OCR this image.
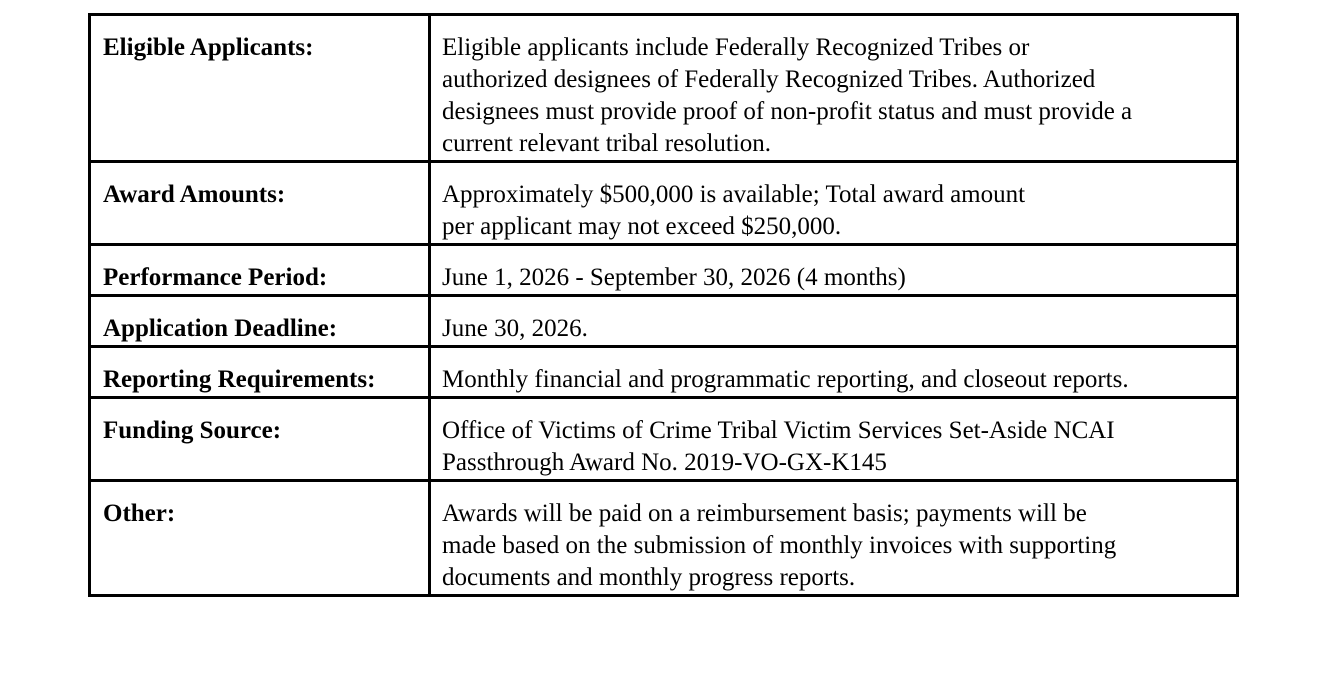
Eligible Applicants:	Eligible applicants include Federally Recognized Tribes or
authorized designees of Federally Recognized Tribes. Authorized
designees must provide proof of non-profit status and must provide a
current relevant tribal resolution.

Award Amounts:	Approximately $500,000 is available; Total award amount
per applicant may not exceed $250,000.

Performance Period:	June 1, 2026 - September 30, 2026 (4 months)

Application Deadline:	June 30, 2026.

Reporting Requirements:	Monthly financial and programmatic reporting, and closeout reports.

Funding Source:	Office of Victims of Crime Tribal Victim Services Set-Aside NCAI
Passthrough Award No. 2019-VO-GX-K145

Other:	Awards will be paid on a reimbursement basis; payments will be
made based on the submission of monthly invoices with supporting
documents and monthly progress reports.
